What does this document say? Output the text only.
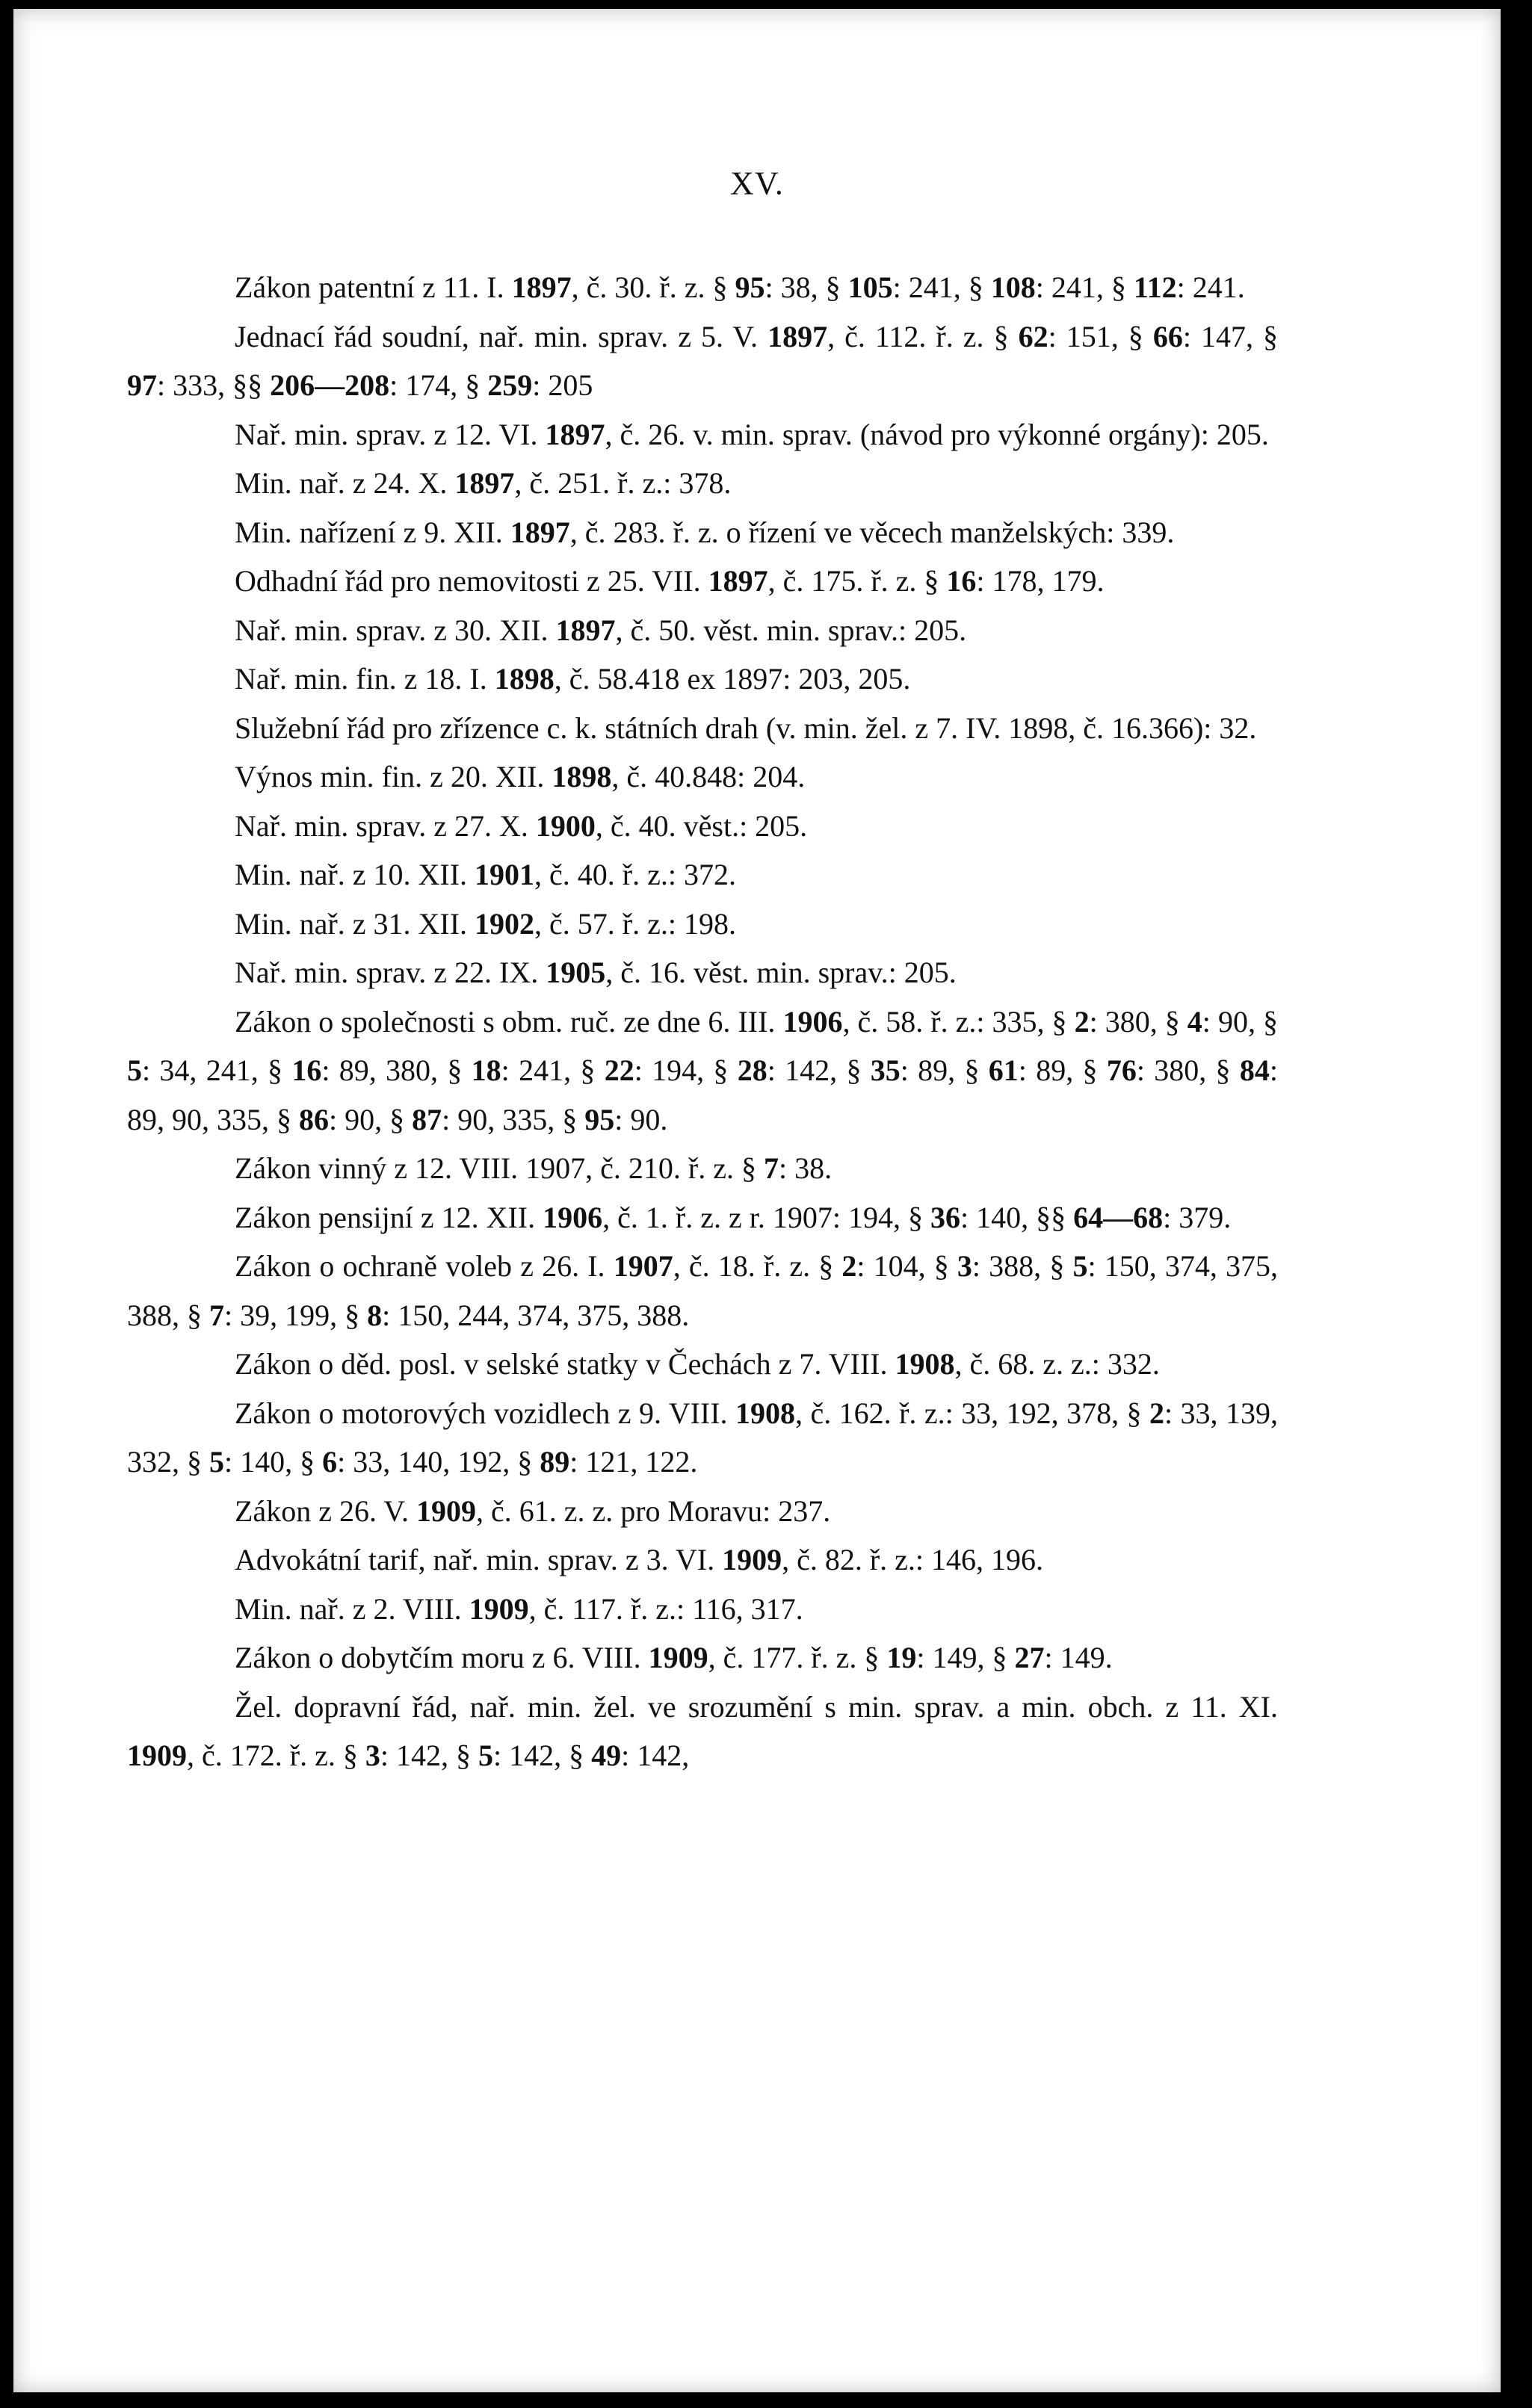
XV.

Zákon patentní z 11. I. 1897, č. 30. ř. z. § 95: 38, § 105: 241, § 108: 241, § 112: 241.

Jednací řád soudní, nař. min. sprav. z 5. V. 1897, č. 112. ř. z. § 62: 151, § 66: 147, § 97: 333, §§ 206—208: 174, § 259: 205

Nař. min. sprav. z 12. VI. 1897, č. 26. v. min. sprav. (návod pro výkonné orgány): 205.

Min. nař. z 24. X. 1897, č. 251. ř. z.: 378.

Min. nařízení z 9. XII. 1897, č. 283. ř. z. o řízení ve věcech manželských: 339.

Odhadní řád pro nemovitosti z 25. VII. 1897, č. 175. ř. z. § 16: 178, 179.

Nař. min. sprav. z 30. XII. 1897, č. 50. věst. min. sprav.: 205.

Nař. min. fin. z 18. I. 1898, č. 58.418 ex 1897: 203, 205.

Služební řád pro zřízence c. k. státních drah (v. min. žel. z 7. IV. 1898, č. 16.366): 32.

Výnos min. fin. z 20. XII. 1898, č. 40.848: 204.

Nař. min. sprav. z 27. X. 1900, č. 40. věst.: 205.

Min. nař. z 10. XII. 1901, č. 40. ř. z.: 372.

Min. nař. z 31. XII. 1902, č. 57. ř. z.: 198.

Nař. min. sprav. z 22. IX. 1905, č. 16. věst. min. sprav.: 205.

Zákon o společnosti s obm. ruč. ze dne 6. III. 1906, č. 58. ř. z.: 335, § 2: 380, § 4: 90, § 5: 34, 241, § 16: 89, 380, § 18: 241, § 22: 194, § 28: 142, § 35: 89, § 61: 89, § 76: 380, § 84: 89, 90, 335, § 86: 90, § 87: 90, 335, § 95: 90.

Zákon vinný z 12. VIII. 1907, č. 210. ř. z. § 7: 38.

Zákon pensijní z 12. XII. 1906, č. 1. ř. z. z r. 1907: 194, § 36: 140, §§ 64—68: 379.

Zákon o ochraně voleb z 26. I. 1907, č. 18. ř. z. § 2: 104, § 3: 388, § 5: 150, 374, 375, 388, § 7: 39, 199, § 8: 150, 244, 374, 375, 388.

Zákon o děd. posl. v selské statky v Čechách z 7. VIII. 1908, č. 68. z. z.: 332.

Zákon o motorových vozidlech z 9. VIII. 1908, č. 162. ř. z.: 33, 192, 378, § 2: 33, 139, 332, § 5: 140, § 6: 33, 140, 192, § 89: 121, 122.

Zákon z 26. V. 1909, č. 61. z. z. pro Moravu: 237.

Advokátní tarif, nař. min. sprav. z 3. VI. 1909, č. 82. ř. z.: 146, 196.

Min. nař. z 2. VIII. 1909, č. 117. ř. z.: 116, 317.

Zákon o dobytčím moru z 6. VIII. 1909, č. 177. ř. z. § 19: 149, § 27: 149.

Žel. dopravní řád, nař. min. žel. ve srozumění s min. sprav. a min. obch. z 11. XI. 1909, č. 172. ř. z. § 3: 142, § 5: 142, § 49: 142,
